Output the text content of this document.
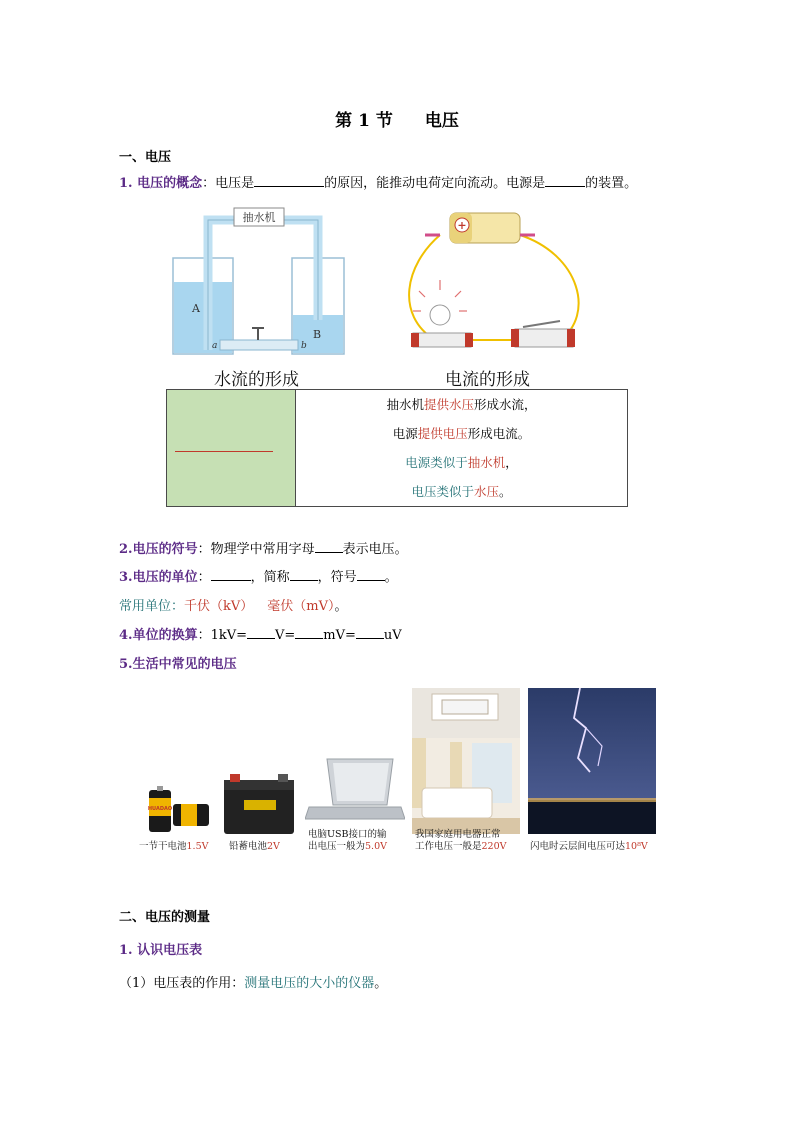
第 1 节 电压
一、电压
1. 电压的概念：电压是	的原因，能推动电荷定向流动。电源是	的装置。
抽水机
A
B
a	b
水流的形成
+
电流的形成

抽水机提供水压形成水流，
电源提供电压形成电流。
电源类似于抽水机，
电压类似于水压。
2.电压的符号：物理学中常用字母 表示电压。
3.电压的单位：	，简称 ，符号 。
常用单位：千伏（kV） 毫伏（mV）。
4.单位的换算：1kV= V= mV= uV
5.生活中常见的电压
HUADAO
一节干电池1.5V 铅蓄电池2V
电脑USB接口的输
出电压一般为5.0V
我国家庭用电器正常
工作电压一般是220V 闪电时云层间电压可达10⁸V
二、电压的测量
1. 认识电压表
（1）电压表的作用：测量电压的大小的仪器。
